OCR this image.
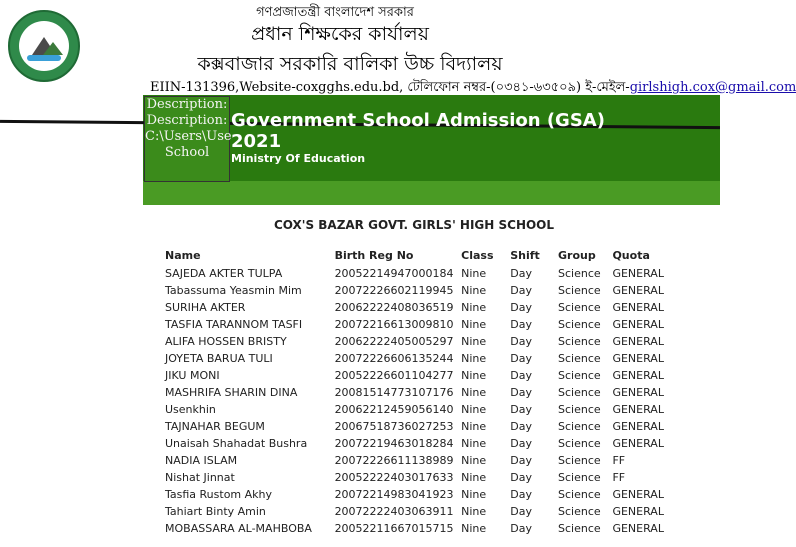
গণপ্রজাতন্ত্রী বাংলাদেশ সরকার
প্রধান শিক্ষকের কার্যালয়
কক্সবাজার সরকারি বালিকা উচ্চ বিদ্যালয়
EIIN-131396,Website-coxgghs.edu.bd, টেলিফোন নম্বর-(০৩৪১-৬৩৫০৯) ই-মেইল-girlshigh.cox@gmail.com
Description:
Description:
C:\Users\Use
School
Government School Admission (GSA)
2021
Ministry Of Education
COX'S BAZAR GOVT. GIRLS' HIGH SCHOOL
Name	Birth Reg No	Class	Shift	Group	Quota
SAJEDA AKTER TULPA	20052214947000184	Nine	Day	Science	GENERAL
Tabassuma Yeasmin Mim	20072226602119945	Nine	Day	Science	GENERAL
SURIHA AKTER	20062222408036519	Nine	Day	Science	GENERAL
TASFIA TARANNOM TASFI	20072216613009810	Nine	Day	Science	GENERAL
ALIFA HOSSEN BRISTY	20062222405005297	Nine	Day	Science	GENERAL
JOYETA BARUA TULI	20072226606135244	Nine	Day	Science	GENERAL
JIKU MONI	20052226601104277	Nine	Day	Science	GENERAL
MASHRIFA SHARIN DINA	20081514773107176	Nine	Day	Science	GENERAL
Usenkhin	20062212459056140	Nine	Day	Science	GENERAL
TAJNAHAR BEGUM	20067518736027253	Nine	Day	Science	GENERAL
Unaisah Shahadat Bushra	20072219463018284	Nine	Day	Science	GENERAL
NADIA ISLAM	20072226611138989	Nine	Day	Science	FF
Nishat Jinnat	20052222403017633	Nine	Day	Science	FF
Tasfia Rustom Akhy	20072214983041923	Nine	Day	Science	GENERAL
Tahiart Binty Amin	20072222403063911	Nine	Day	Science	GENERAL
MOBASSARA AL-MAHBOBA	20052211667015715	Nine	Day	Science	GENERAL
